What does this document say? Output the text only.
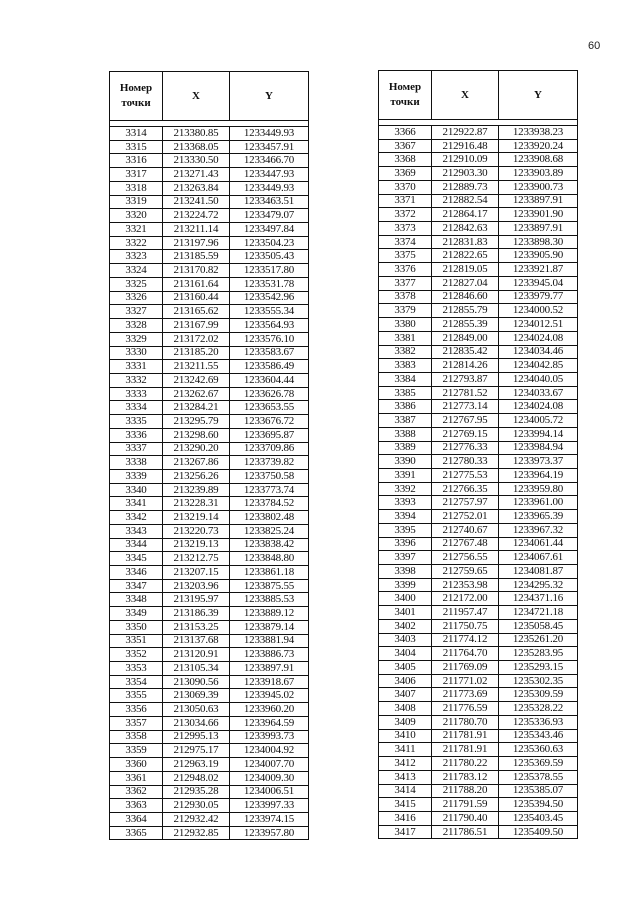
60
Номер точки	X	Y

3314	213380.85	1233449.93
3315	213368.05	1233457.91
3316	213330.50	1233466.70
3317	213271.43	1233447.93
3318	213263.84	1233449.93
3319	213241.50	1233463.51
3320	213224.72	1233479.07
3321	213211.14	1233497.84
3322	213197.96	1233504.23
3323	213185.59	1233505.43
3324	213170.82	1233517.80
3325	213161.64	1233531.78
3326	213160.44	1233542.96
3327	213165.62	1233555.34
3328	213167.99	1233564.93
3329	213172.02	1233576.10
3330	213185.20	1233583.67
3331	213211.55	1233586.49
3332	213242.69	1233604.44
3333	213262.67	1233626.78
3334	213284.21	1233653.55
3335	213295.79	1233676.72
3336	213298.60	1233695.87
3337	213290.20	1233709.86
3338	213267.86	1233739.82
3339	213256.26	1233750.58
3340	213239.89	1233773.74
3341	213228.31	1233784.52
3342	213219.14	1233802.48
3343	213220.73	1233825.24
3344	213219.13	1233838.42
3345	213212.75	1233848.80
3346	213207.15	1233861.18
3347	213203.96	1233875.55
3348	213195.97	1233885.53
3349	213186.39	1233889.12
3350	213153.25	1233879.14
3351	213137.68	1233881.94
3352	213120.91	1233886.73
3353	213105.34	1233897.91
3354	213090.56	1233918.67
3355	213069.39	1233945.02
3356	213050.63	1233960.20
3357	213034.66	1233964.59
3358	212995.13	1233993.73
3359	212975.17	1234004.92
3360	212963.19	1234007.70
3361	212948.02	1234009.30
3362	212935.28	1234006.51
3363	212930.05	1233997.33
3364	212932.42	1233974.15
3365	212932.85	1233957.80
Номер точки	X	Y

3366	212922.87	1233938.23
3367	212916.48	1233920.24
3368	212910.09	1233908.68
3369	212903.30	1233903.89
3370	212889.73	1233900.73
3371	212882.54	1233897.91
3372	212864.17	1233901.90
3373	212842.63	1233897.91
3374	212831.83	1233898.30
3375	212822.65	1233905.90
3376	212819.05	1233921.87
3377	212827.04	1233945.04
3378	212846.60	1233979.77
3379	212855.79	1234000.52
3380	212855.39	1234012.51
3381	212849.00	1234024.08
3382	212835.42	1234034.46
3383	212814.26	1234042.85
3384	212793.87	1234040.05
3385	212781.52	1234033.67
3386	212773.14	1234024.08
3387	212767.95	1234005.72
3388	212769.15	1233994.14
3389	212776.33	1233984.94
3390	212780.33	1233973.37
3391	212775.53	1233964.19
3392	212766.35	1233959.80
3393	212757.97	1233961.00
3394	212752.01	1233965.39
3395	212740.67	1233967.32
3396	212767.48	1234061.44
3397	212756.55	1234067.61
3398	212759.65	1234081.87
3399	212353.98	1234295.32
3400	212172.00	1234371.16
3401	211957.47	1234721.18
3402	211750.75	1235058.45
3403	211774.12	1235261.20
3404	211764.70	1235283.95
3405	211769.09	1235293.15
3406	211771.02	1235302.35
3407	211773.69	1235309.59
3408	211776.59	1235328.22
3409	211780.70	1235336.93
3410	211781.91	1235343.46
3411	211781.91	1235360.63
3412	211780.22	1235369.59
3413	211783.12	1235378.55
3414	211788.20	1235385.07
3415	211791.59	1235394.50
3416	211790.40	1235403.45
3417	211786.51	1235409.50
